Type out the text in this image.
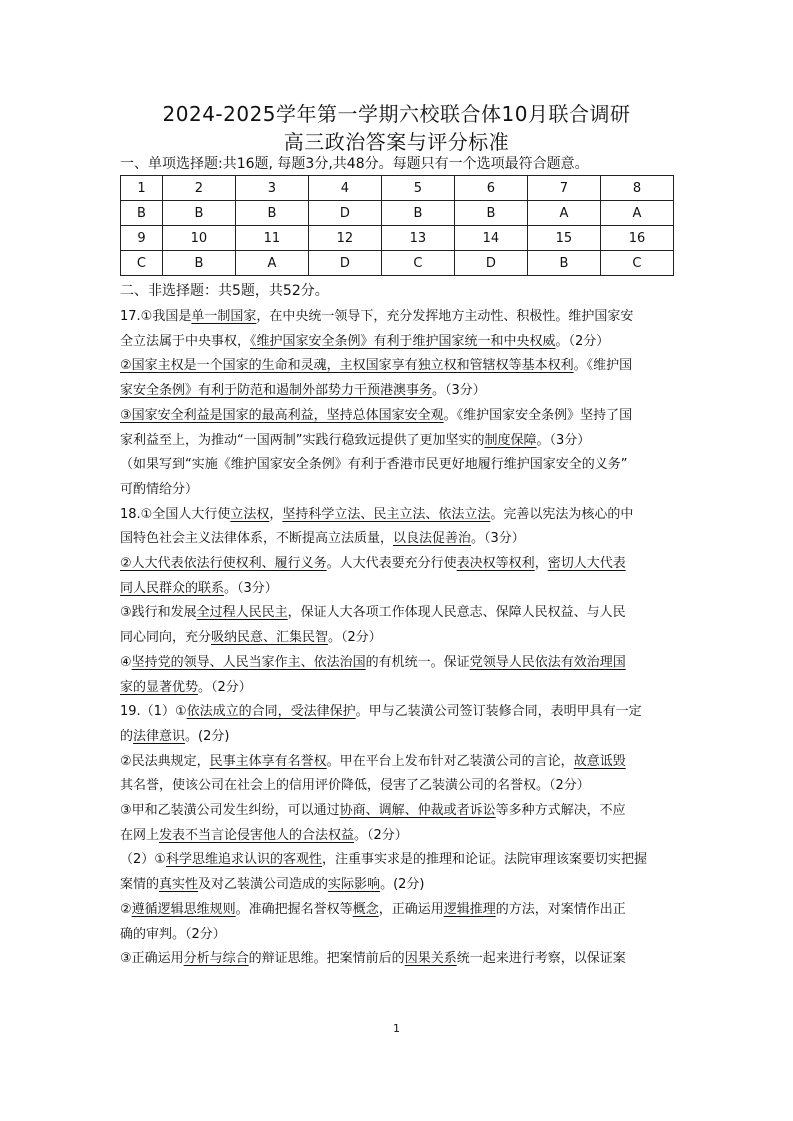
2024-2025学年第一学期六校联合体10月联合调研
高三政治答案与评分标准
一、单项选择题:共16题, 每题3分,共48分。每题只有一个选项最符合题意。
1	2	3	4	5	6	7	8
B	B	B	D	B	B	A	A
9	10	11	12	13	14	15	16
C	B	A	D	C	D	B	C
二、非选择题：共5题，共52分。
17.①我国是单一制国家，在中央统一领导下，充分发挥地方主动性、积极性。维护国家安
全立法属于中央事权，《维护国家安全条例》有利于维护国家统一和中央权威。（2分）
②国家主权是一个国家的生命和灵魂，主权国家享有独立权和管辖权等基本权利。《维护国
家安全条例》有利于防范和遏制外部势力干预港澳事务。（3分）
③国家安全利益是国家的最高利益，坚持总体国家安全观。《维护国家安全条例》坚持了国
家利益至上，为推动“一国两制”实践行稳致远提供了更加坚实的制度保障。（3分）
（如果写到“实施《维护国家安全条例》有利于香港市民更好地履行维护国家安全的义务”
可酌情给分）
18.①全国人大行使立法权，坚持科学立法、民主立法、依法立法。完善以宪法为核心的中
国特色社会主义法律体系，不断提高立法质量，以良法促善治。（3分）
②人大代表依法行使权利、履行义务。人大代表要充分行使表决权等权利，密切人大代表
同人民群众的联系。（3分）
③践行和发展全过程人民民主，保证人大各项工作体现人民意志、保障人民权益、与人民
同心同向，充分吸纳民意、汇集民智。（2分）
④坚持党的领导、人民当家作主、依法治国的有机统一。保证党领导人民依法有效治理国
家的显著优势。（2分）
19.（1）①依法成立的合同，受法律保护。甲与乙装潢公司签订装修合同，表明甲具有一定
的法律意识。(2分)
②民法典规定，民事主体享有名誉权。甲在平台上发布针对乙装潢公司的言论，故意诋毁
其名誉，使该公司在社会上的信用评价降低，侵害了乙装潢公司的名誉权。（2分）
③甲和乙装潢公司发生纠纷，可以通过协商、调解、仲裁或者诉讼等多种方式解决，不应
在网上发表不当言论侵害他人的合法权益。（2分）
（2）①科学思维追求认识的客观性，注重事实求是的推理和论证。法院审理该案要切实把握
案情的真实性及对乙装潢公司造成的实际影响。(2分)
②遵循逻辑思维规则。准确把握名誉权等概念，正确运用逻辑推理的方法，对案情作出正
确的审判。（2分）
③正确运用分析与综合的辩证思维。把案情前后的因果关系统一起来进行考察，以保证案
1
